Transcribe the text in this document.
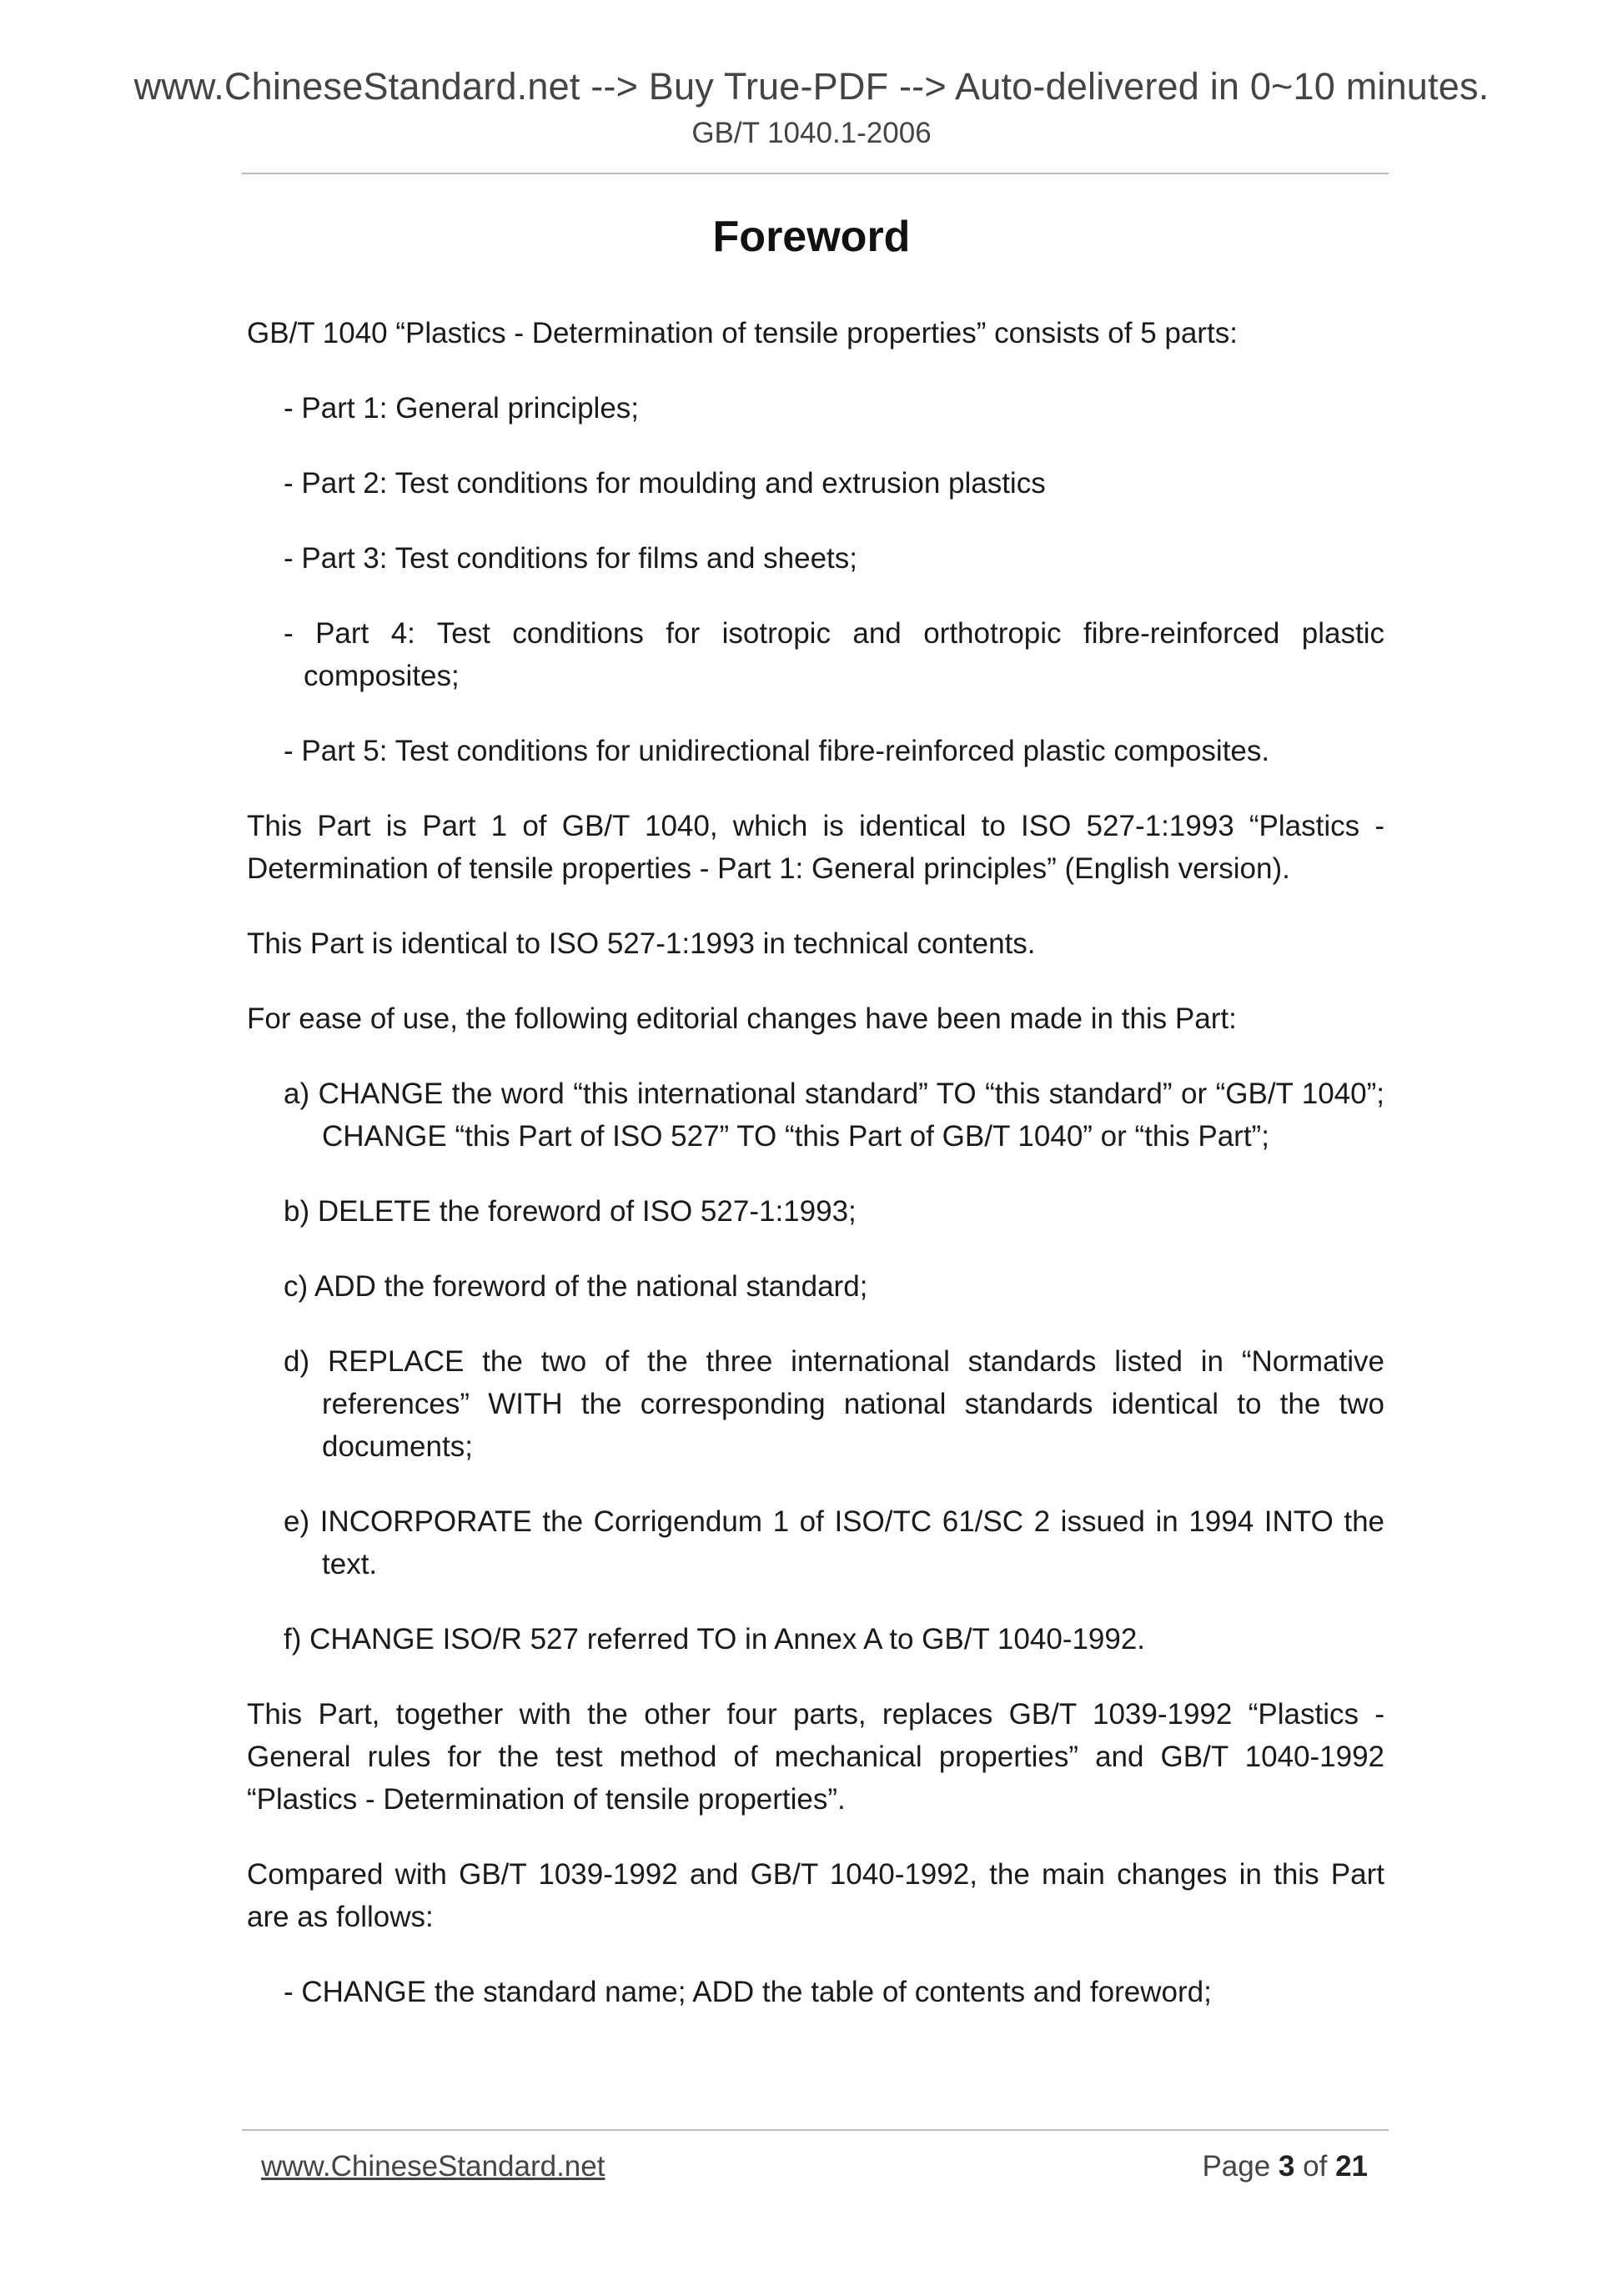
www.ChineseStandard.net --> Buy True-PDF --> Auto-delivered in 0~10 minutes.
GB/T 1040.1-2006
Foreword

GB/T 1040 “Plastics - Determination of tensile properties” consists of 5 parts:

- Part 1: General principles;

- Part 2: Test conditions for moulding and extrusion plastics

- Part 3: Test conditions for films and sheets;

- Part 4: Test conditions for isotropic and orthotropic fibre-reinforced plastic composites;

- Part 5: Test conditions for unidirectional fibre-reinforced plastic composites.

This Part is Part 1 of GB/T 1040, which is identical to ISO 527-1:1993 “Plastics - Determination of tensile properties - Part 1: General principles” (English version).

This Part is identical to ISO 527-1:1993 in technical contents.

For ease of use, the following editorial changes have been made in this Part:

a) CHANGE the word “this international standard” TO “this standard” or “GB/T 1040”; CHANGE “this Part of ISO 527” TO “this Part of GB/T 1040” or “this Part”;

b) DELETE the foreword of ISO 527-1:1993;

c) ADD the foreword of the national standard;

d) REPLACE the two of the three international standards listed in “Normative references” WITH the corresponding national standards identical to the two documents;

e) INCORPORATE the Corrigendum 1 of ISO/TC 61/SC 2 issued in 1994 INTO the text.

f) CHANGE ISO/R 527 referred TO in Annex A to GB/T 1040-1992.

This Part, together with the other four parts, replaces GB/T 1039-1992 “Plastics - General rules for the test method of mechanical properties” and GB/T 1040-1992 “Plastics - Determination of tensile properties”.

Compared with GB/T 1039-1992 and GB/T 1040-1992, the main changes in this Part are as follows:

- CHANGE the standard name; ADD the table of contents and foreword;

www.ChineseStandard.net	Page 3 of 21
